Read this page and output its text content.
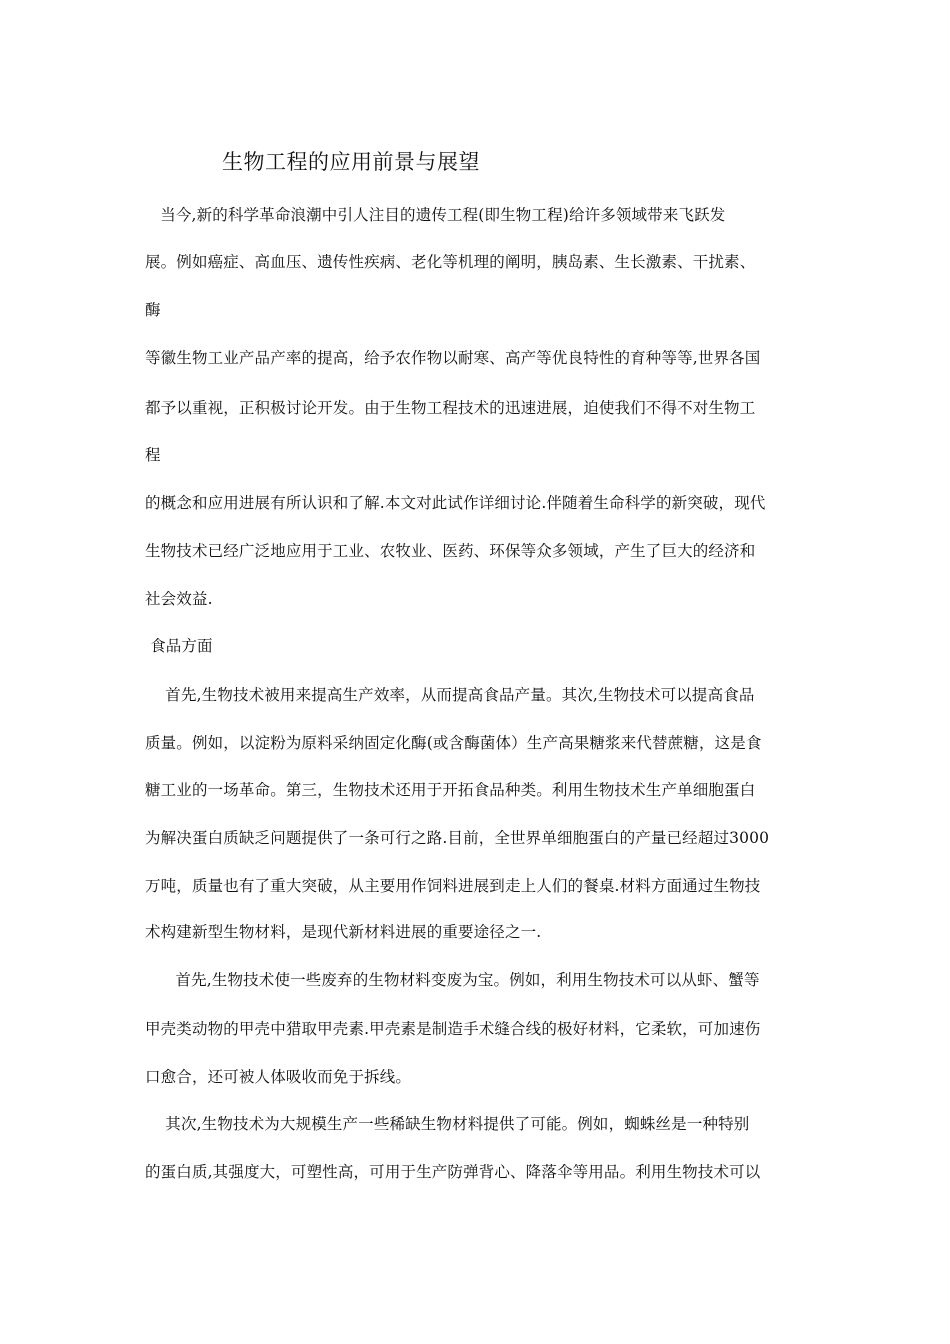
生物工程的应用前景与展望
当今,新的科学革命浪潮中引人注目的遗传工程(即生物工程)给许多领域带来飞跃发
展。例如癌症、高血压、遗传性疾病、老化等机理的阐明，胰岛素、生长激素、干扰素、
酶
等徽生物工业产品产率的提高，给予农作物以耐寒、高产等优良特性的育种等等,世界各国
都予以重视，正积极讨论开发。由于生物工程技术的迅速进展，迫使我们不得不对生物工
程
的概念和应用进展有所认识和了解.本文对此试作详细讨论.伴随着生命科学的新突破，现代
生物技术已经广泛地应用于工业、农牧业、医药、环保等众多领域，产生了巨大的经济和
社会效益.
食品方面
首先,生物技术被用来提高生产效率，从而提高食品产量。其次,生物技术可以提高食品
质量。例如，以淀粉为原料采纳固定化酶(或含酶菌体）生产高果糖浆来代替蔗糖，这是食
糖工业的一场革命。第三，生物技术还用于开拓食品种类。利用生物技术生产单细胞蛋白
为解决蛋白质缺乏问题提供了一条可行之路.目前，全世界单细胞蛋白的产量已经超过3000
万吨，质量也有了重大突破，从主要用作饲料进展到走上人们的餐桌.材料方面通过生物技
术构建新型生物材料，是现代新材料进展的重要途径之一.
首先,生物技术使一些废弃的生物材料变废为宝。例如，利用生物技术可以从虾、蟹等
甲壳类动物的甲壳中猎取甲壳素.甲壳素是制造手术缝合线的极好材料，它柔软，可加速伤
口愈合，还可被人体吸收而免于拆线。
其次,生物技术为大规模生产一些稀缺生物材料提供了可能。例如，蜘蛛丝是一种特别
的蛋白质,其强度大，可塑性高，可用于生产防弹背心、降落伞等用品。利用生物技术可以
